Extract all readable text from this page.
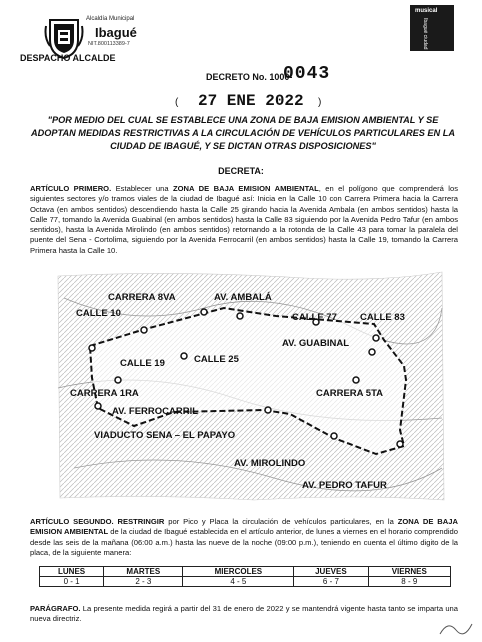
Alcaldía Municipal
Ibagué
NIT.800113389-7
DESPACHO ALCALDE
musical
Ibagué ciudad
DECRETO No. 1000-
0043
( 27 ENE 2022 )
"POR MEDIO DEL CUAL SE ESTABLECE UNA ZONA DE BAJA EMISION AMBIENTAL Y SE ADOPTAN MEDIDAS RESTRICTIVAS A LA CIRCULACIÓN DE VEHÍCULOS PARTICULARES EN LA CIUDAD DE IBAGUÉ, Y SE DICTAN OTRAS DISPOSICIONES"
DECRETA:
ARTÍCULO PRIMERO. Establecer una ZONA DE BAJA EMISION AMBIENTAL, en el polígono que comprenderá los siguientes sectores y/o tramos viales de la ciudad de Ibagué así: Inicia en la Calle 10 con Carrera Primera hacia la Carrera Octava (en ambos sentidos) descendiendo hasta la Calle 25 girando hacia la Avenida Ambala (en ambos sentidos) hasta la Calle 77, tomando la Avenida Guabinal (en ambos sentidos) hasta la Calle 83 siguiendo por la Avenida Pedro Tafur (en ambos sentidos), hasta la Avenida Mirolindo (en ambos sentidos) retornando a la rotonda de la Calle 43 para tomar la paralela del puente del Sena - Cortolima, siguiendo por la Avenida Ferrocarril (en ambos sentidos) hasta la Calle 19, tomando la Carrera Primera hasta la Calle 10.
CARRERA 8VA	AV. AMBALÁ
CALLE 10	CALLE 77 CALLE 83
AV. GUABINAL
CALLE 25
CALLE 19
CARRERA 1RA	CARRERA 5TA
AV. FERROCARRIL
VIADUCTO SENA – EL PAPAYO
AV. MIROLINDO
AV. PEDRO TAFUR
ARTÍCULO SEGUNDO. RESTRINGIR por Pico y Placa la circulación de vehículos particulares, en la ZONA DE BAJA EMISION AMBIENTAL de la ciudad de Ibagué establecida en el artículo anterior, de lunes a viernes en el horario comprendido desde las seis de la mañana (06:00 a.m.) hasta las nueve de la noche (09:00 p.m.), teniendo en cuenta el último digito de la placa, de la siguiente manera:
LUNES	MARTES	MIERCOLES	JUEVES	VIERNES
0 - 1	2 - 3	4 - 5	6 - 7	8 - 9
PARÁGRAFO. La presente medida regirá a partir del 31 de enero de 2022 y se mantendrá vigente hasta tanto se imparta una nueva directriz.
